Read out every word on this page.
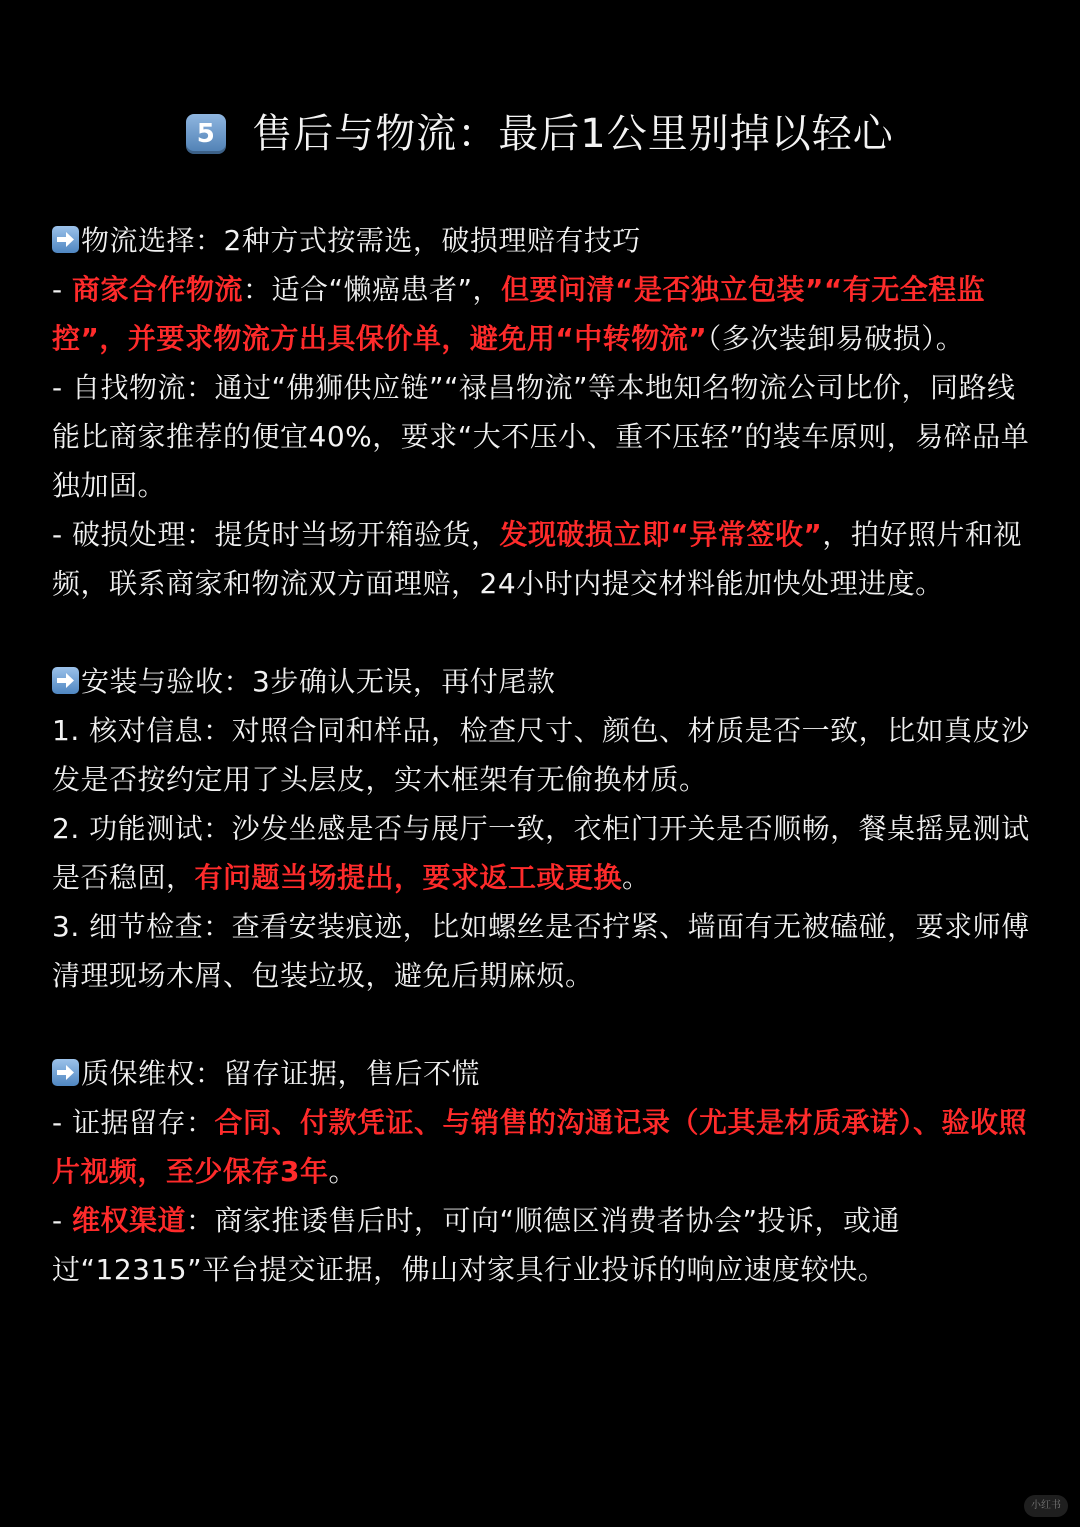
5 售后与物流：最后1公里别掉以轻心

物流选择：2种方式按需选，破损理赔有技巧

- 商家合作物流：适合“懒癌患者”，但要问清“是否独立包装”“有无全程监控”，并要求物流方出具保价单，避免用“中转物流”（多次装卸易破损）。

- 自找物流：通过“佛狮供应链”“禄昌物流”等本地知名物流公司比价，同路线能比商家推荐的便宜40%，要求“大不压小、重不压轻”的装车原则，易碎品单独加固。

- 破损处理：提货时当场开箱验货，发现破损立即“异常签收”，拍好照片和视频，联系商家和物流双方面理赔，24小时内提交材料能加快处理进度。

安装与验收：3步确认无误，再付尾款

1. 核对信息：对照合同和样品，检查尺寸、颜色、材质是否一致，比如真皮沙发是否按约定用了头层皮，实木框架有无偷换材质。

2. 功能测试：沙发坐感是否与展厅一致，衣柜门开关是否顺畅，餐桌摇晃测试是否稳固，有问题当场提出，要求返工或更换。

3. 细节检查：查看安装痕迹，比如螺丝是否拧紧、墙面有无被磕碰，要求师傅清理现场木屑、包装垃圾，避免后期麻烦。

质保维权：留存证据，售后不慌

- 证据留存：合同、付款凭证、与销售的沟通记录（尤其是材质承诺）、验收照片视频，至少保存3年。

- 维权渠道：商家推诿售后时，可向“顺德区消费者协会”投诉，或通过“12315”平台提交证据，佛山对家具行业投诉的响应速度较快。

小红书
